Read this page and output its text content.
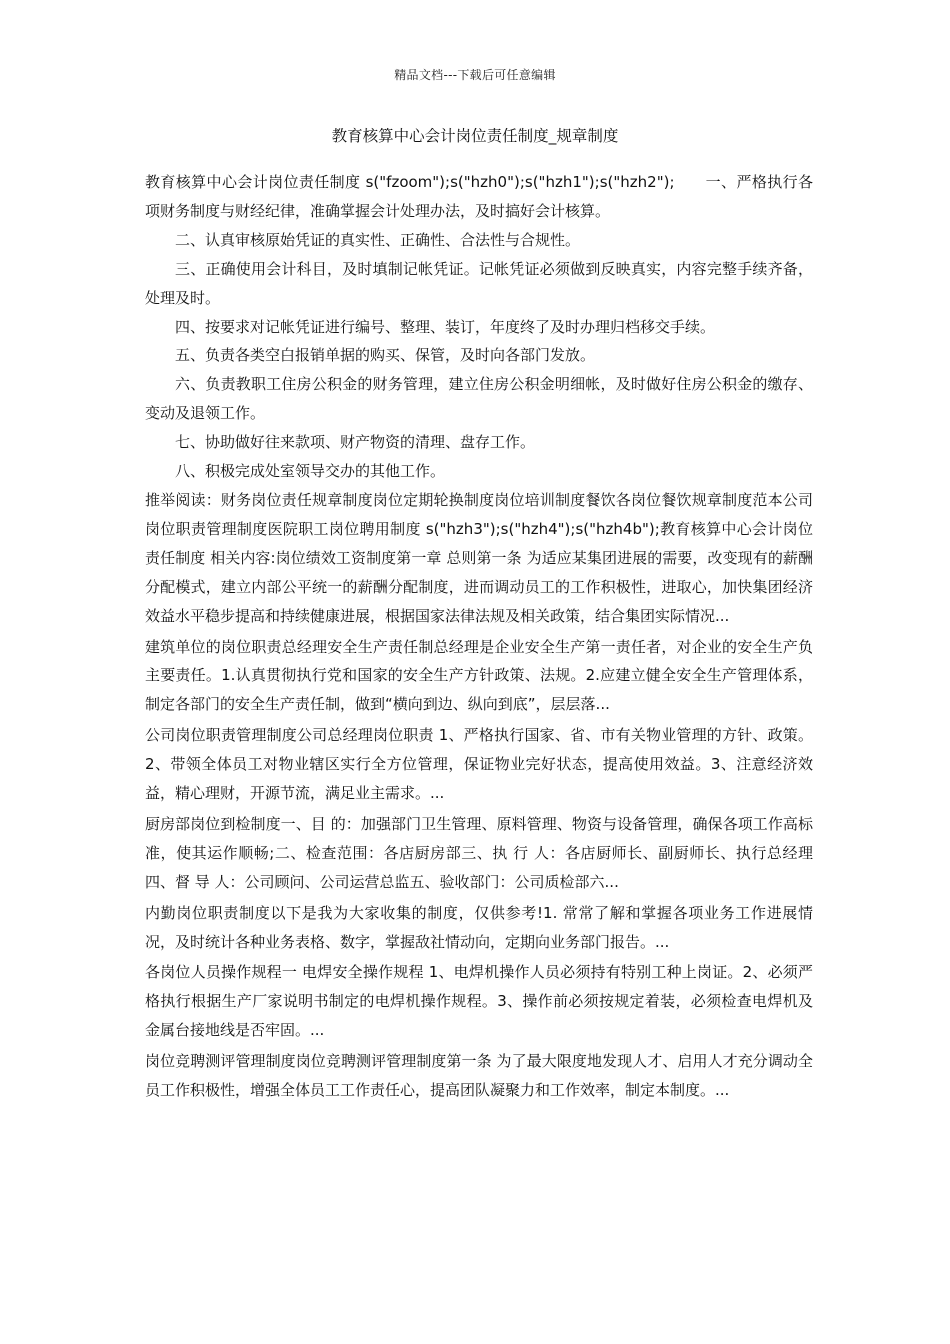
精品文档---下载后可任意编辑
教育核算中心会计岗位责任制度_规章制度

教育核算中心会计岗位责任制度 s("fzoom");s("hzh0");s("hzh1");s("hzh2");　　一、严格执行各项财务制度与财经纪律，准确掌握会计处理办法，及时搞好会计核算。

二、认真审核原始凭证的真实性、正确性、合法性与合规性。

三、正确使用会计科目，及时填制记帐凭证。记帐凭证必须做到反映真实，内容完整手续齐备，处理及时。

四、按要求对记帐凭证进行编号、整理、装订，年度终了及时办理归档移交手续。

五、负责各类空白报销单据的购买、保管，及时向各部门发放。

六、负责教职工住房公积金的财务管理，建立住房公积金明细帐，及时做好住房公积金的缴存、变动及退领工作。

七、协助做好往来款项、财产物资的清理、盘存工作。

八、积极完成处室领导交办的其他工作。

推举阅读：财务岗位责任规章制度岗位定期轮换制度岗位培训制度餐饮各岗位餐饮规章制度范本公司岗位职责管理制度医院职工岗位聘用制度 s("hzh3");s("hzh4");s("hzh4b");教育核算中心会计岗位责任制度 相关内容:岗位绩效工资制度第一章 总则第一条 为适应某集团进展的需要，改变现有的薪酬分配模式，建立内部公平统一的薪酬分配制度，进而调动员工的工作积极性，进取心，加快集团经济效益水平稳步提高和持续健康进展，根据国家法律法规及相关政策，结合集团实际情况...

建筑单位的岗位职责总经理安全生产责任制总经理是企业安全生产第一责任者，对企业的安全生产负主要责任。1.认真贯彻执行党和国家的安全生产方针政策、法规。2.应建立健全安全生产管理体系，制定各部门的安全生产责任制，做到“横向到边、纵向到底”，层层落...

公司岗位职责管理制度公司总经理岗位职责 1、严格执行国家、省、市有关物业管理的方针、政策。2、带领全体员工对物业辖区实行全方位管理，保证物业完好状态，提高使用效益。3、注意经济效益，精心理财，开源节流，满足业主需求。...

厨房部岗位到检制度一、目 的：加强部门卫生管理、原料管理、物资与设备管理，确保各项工作高标准，使其运作顺畅;二、检查范围：各店厨房部三、执 行 人：各店厨师长、副厨师长、执行总经理四、督 导 人：公司顾问、公司运营总监五、验收部门：公司质检部六...

内勤岗位职责制度以下是我为大家收集的制度，仅供参考!1. 常常了解和掌握各项业务工作进展情况，及时统计各种业务表格、数字，掌握敌社情动向，定期向业务部门报告。...

各岗位人员操作规程一 电焊安全操作规程 1、电焊机操作人员必须持有特别工种上岗证。2、必须严格执行根据生产厂家说明书制定的电焊机操作规程。3、操作前必须按规定着装，必须检查电焊机及金属台接地线是否牢固。...

岗位竞聘测评管理制度岗位竞聘测评管理制度第一条 为了最大限度地发现人才、启用人才充分调动全员工作积极性，增强全体员工工作责任心，提高团队凝聚力和工作效率，制定本制度。...
